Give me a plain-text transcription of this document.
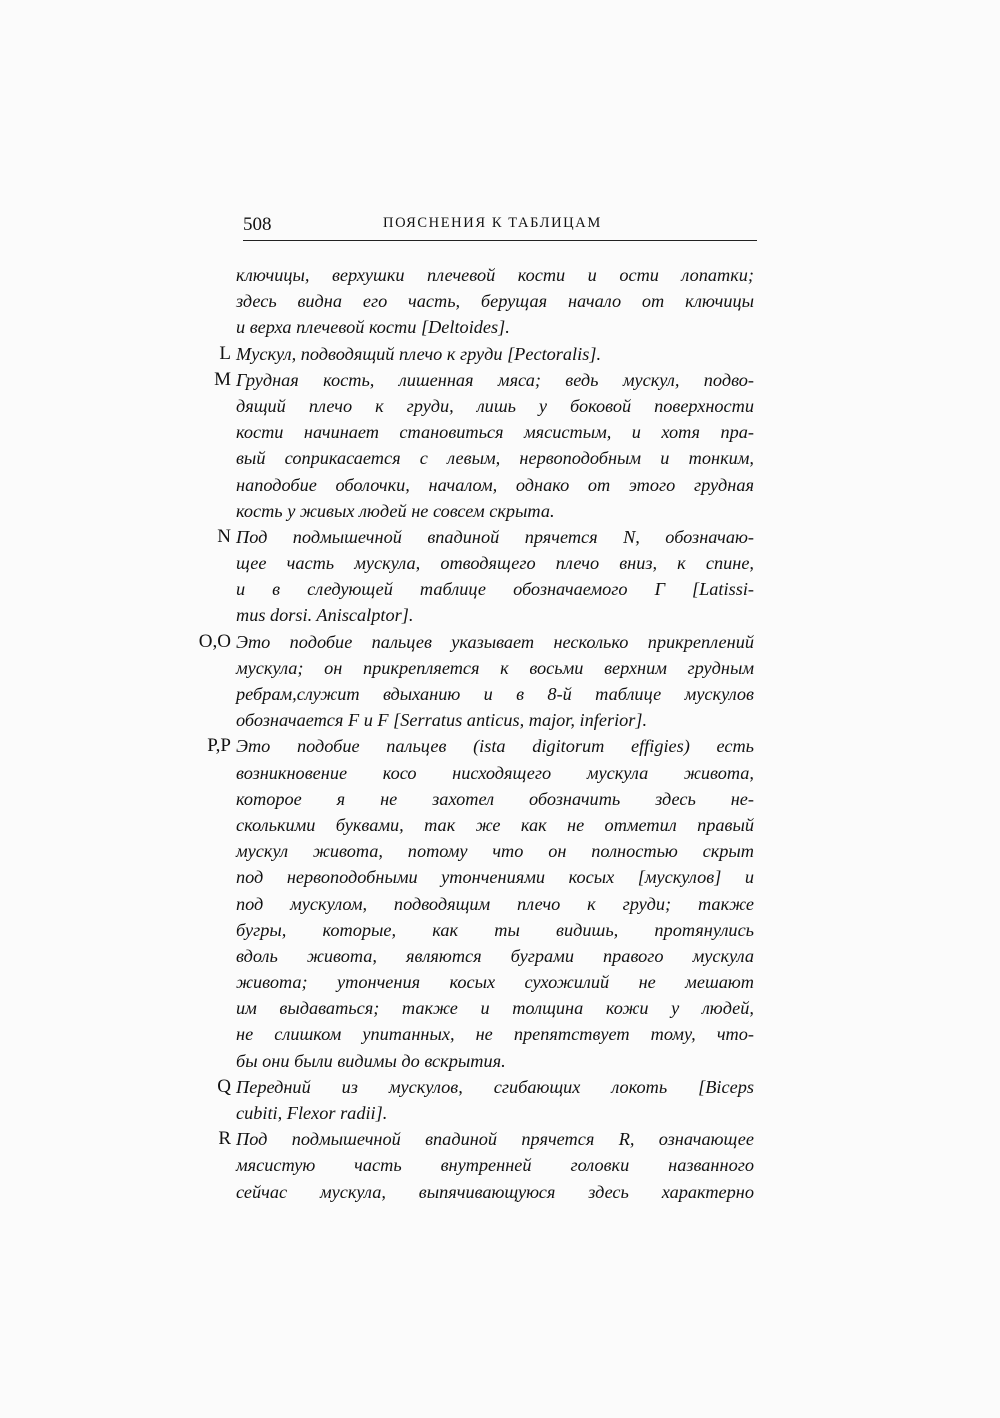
508	ПОЯСНЕНИЯ К ТАБЛИЦАМ
ключицы, верхушки плечевой кости и ости лопатки;
здесь видна его часть, берущая начало от ключицы
и верха плечевой кости [Deltoides].
L Мускул, подводящий плечо к груди [Pectoralis].
M Грудная кость, лишенная мяса; ведь мускул, подво-
дящий плечо к груди, лишь у боковой поверхности
кости начинает становиться мясистым, и хотя пра-
вый соприкасается с левым, нервоподобным и тонким,
наподобие оболочки, началом, однако от этого грудная
кость у живых людей не совсем скрыта.
N Под подмышечной впадиной прячется N, обозначаю-
щее часть мускула, отводящего плечо вниз, к спине,
и в следующей таблице обозначаемого Г [Latissi-
mus dorsi. Aniscalptor].
O,O Это подобие пальцев указывает несколько прикреплений
мускула; он прикрепляется к восьми верхним грудным
ребрам,служит вдыханию и в 8-й таблице мускулов
обозначается F и F [Serratus anticus, major, inferior].
P,P Это подобие пальцев (ista digitorum effigies) есть
возникновение косо нисходящего мускула живота,
которое я не захотел обозначить здесь не-
сколькими буквами, так же как не отметил правый
мускул живота, потому что он полностью скрыт
под нервоподобными утончениями косых [мускулов] и
под мускулом, подводящим плечо к груди; также
бугры, которые, как ты видишь, протянулись
вдоль живота, являются буграми правого мускула
живота; утончения косых сухожилий не мешают
им выдаваться; также и толщина кожи у людей,
не слишком упитанных, не препятствует тому, что-
бы они были видимы до вскрытия.
Q Передний из мускулов, сгибающих локоть [Biceps
cubiti, Flexor radii].
R Под подмышечной впадиной прячется R, означающее
мясистую часть внутренней головки названного
сейчас мускула, выпячивающуюся здесь характерно
